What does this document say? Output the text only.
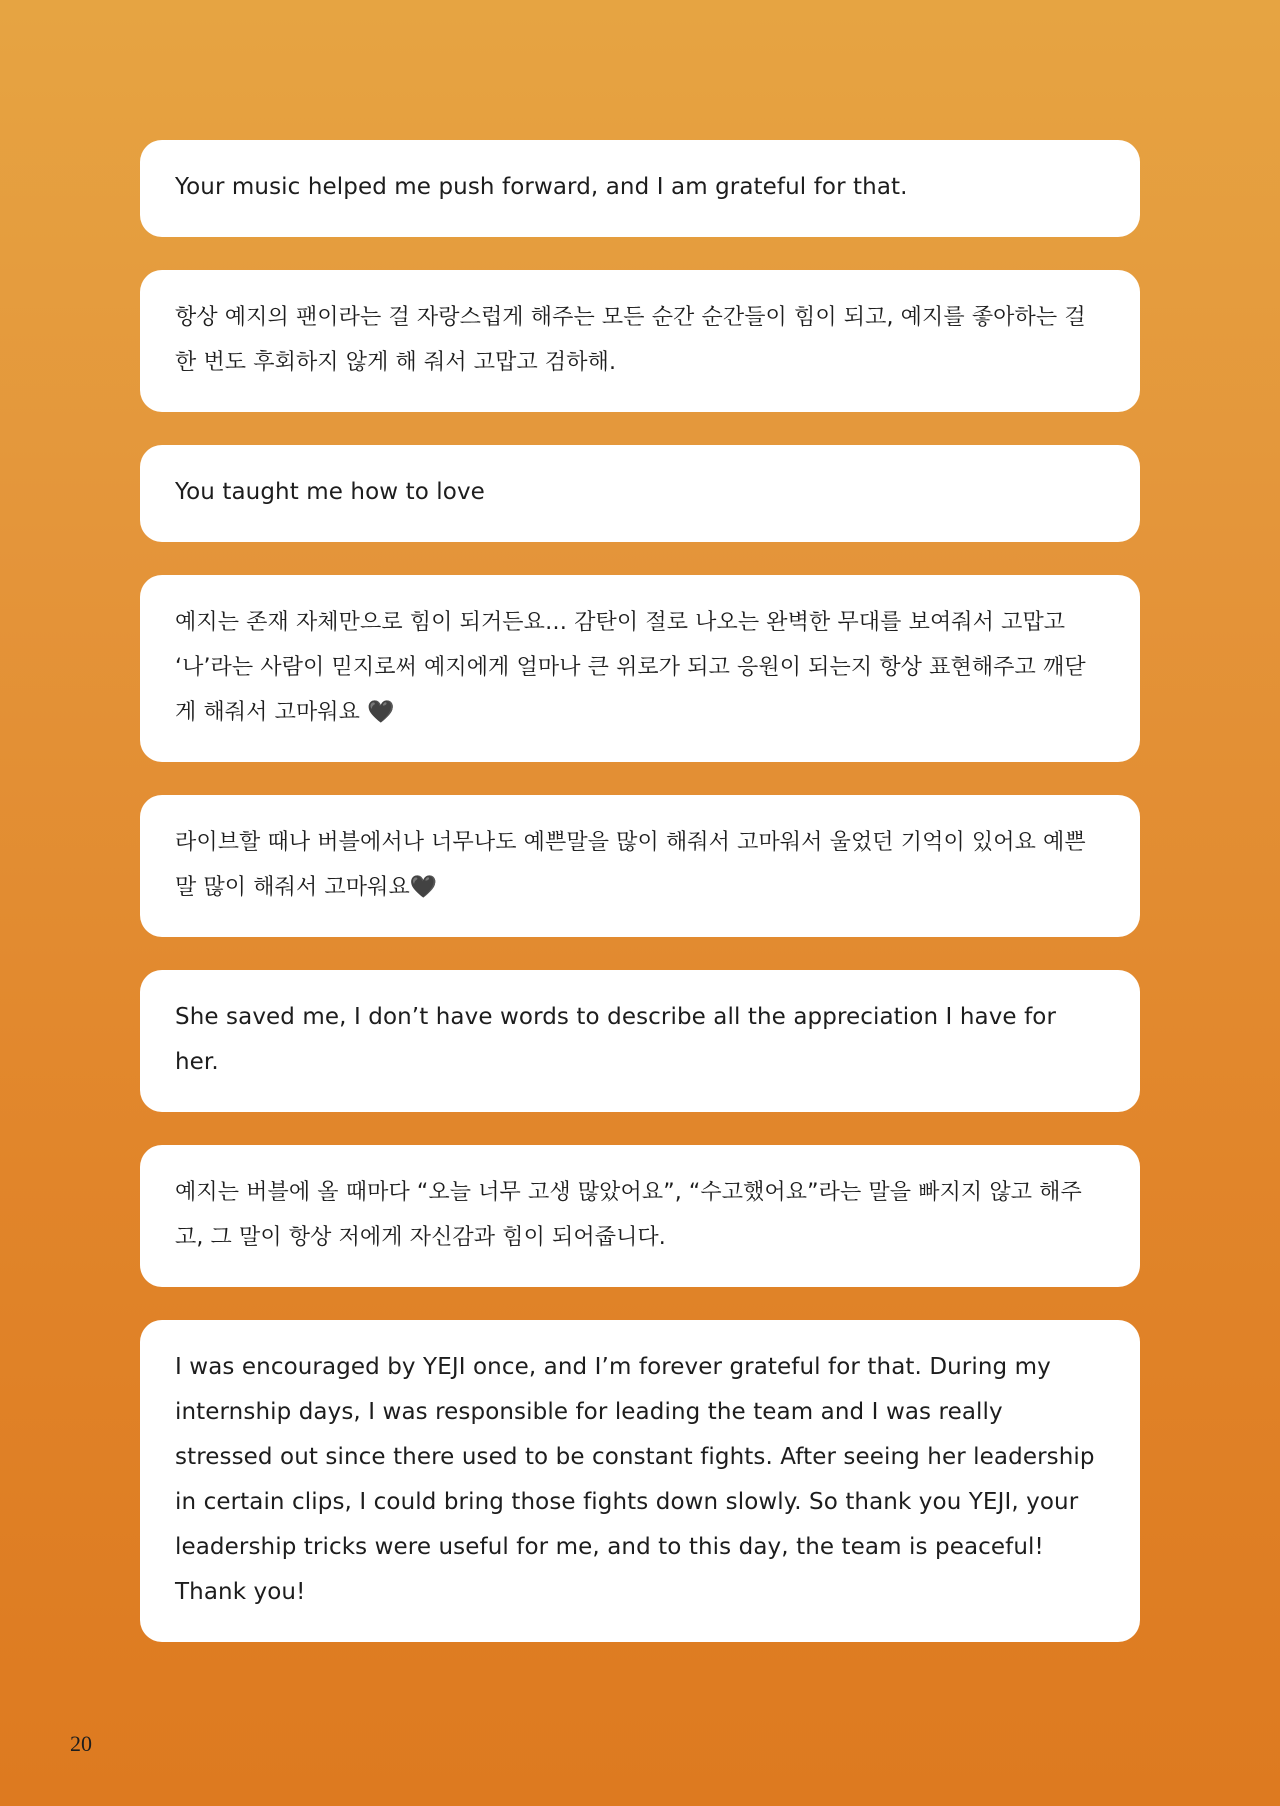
Your music helped me push forward, and I am grateful for that.

항상 예지의 팬이라는 걸 자랑스럽게 해주는 모든 순간 순간들이 힘이 되고, 예지를 좋아하는 걸 한 번도 후회하지 않게 해 줘서 고맙고 검하해.

You taught me how to love

예지는 존재 자체만으로 힘이 되거든요… 감탄이 절로 나오는 완벽한 무대를 보여줘서 고맙고 ‘나’라는 사람이 믿지로써 예지에게 얼마나 큰 위로가 되고 응원이 되는지 항상 표현해주고 깨닫게 해줘서 고마워요 🖤

라이브할 때나 버블에서나 너무나도 예쁜말을 많이 해줘서 고마워서 울었던 기억이 있어요 예쁜 말 많이 해줘서 고마워요🖤

She saved me, I don’t have words to describe all the appreciation I have for her.

예지는 버블에 올 때마다 “오늘 너무 고생 많았어요”, “수고했어요”라는 말을 빠지지 않고 해주고, 그 말이 항상 저에게 자신감과 힘이 되어줍니다.

I was encouraged by YEJI once, and I’m forever grateful for that. During my internship days, I was responsible for leading the team and I was really stressed out since there used to be constant fights. After seeing her leadership in certain clips, I could bring those fights down slowly. So thank you YEJI, your leadership tricks were useful for me, and to this day, the team is peaceful! Thank you!

20
